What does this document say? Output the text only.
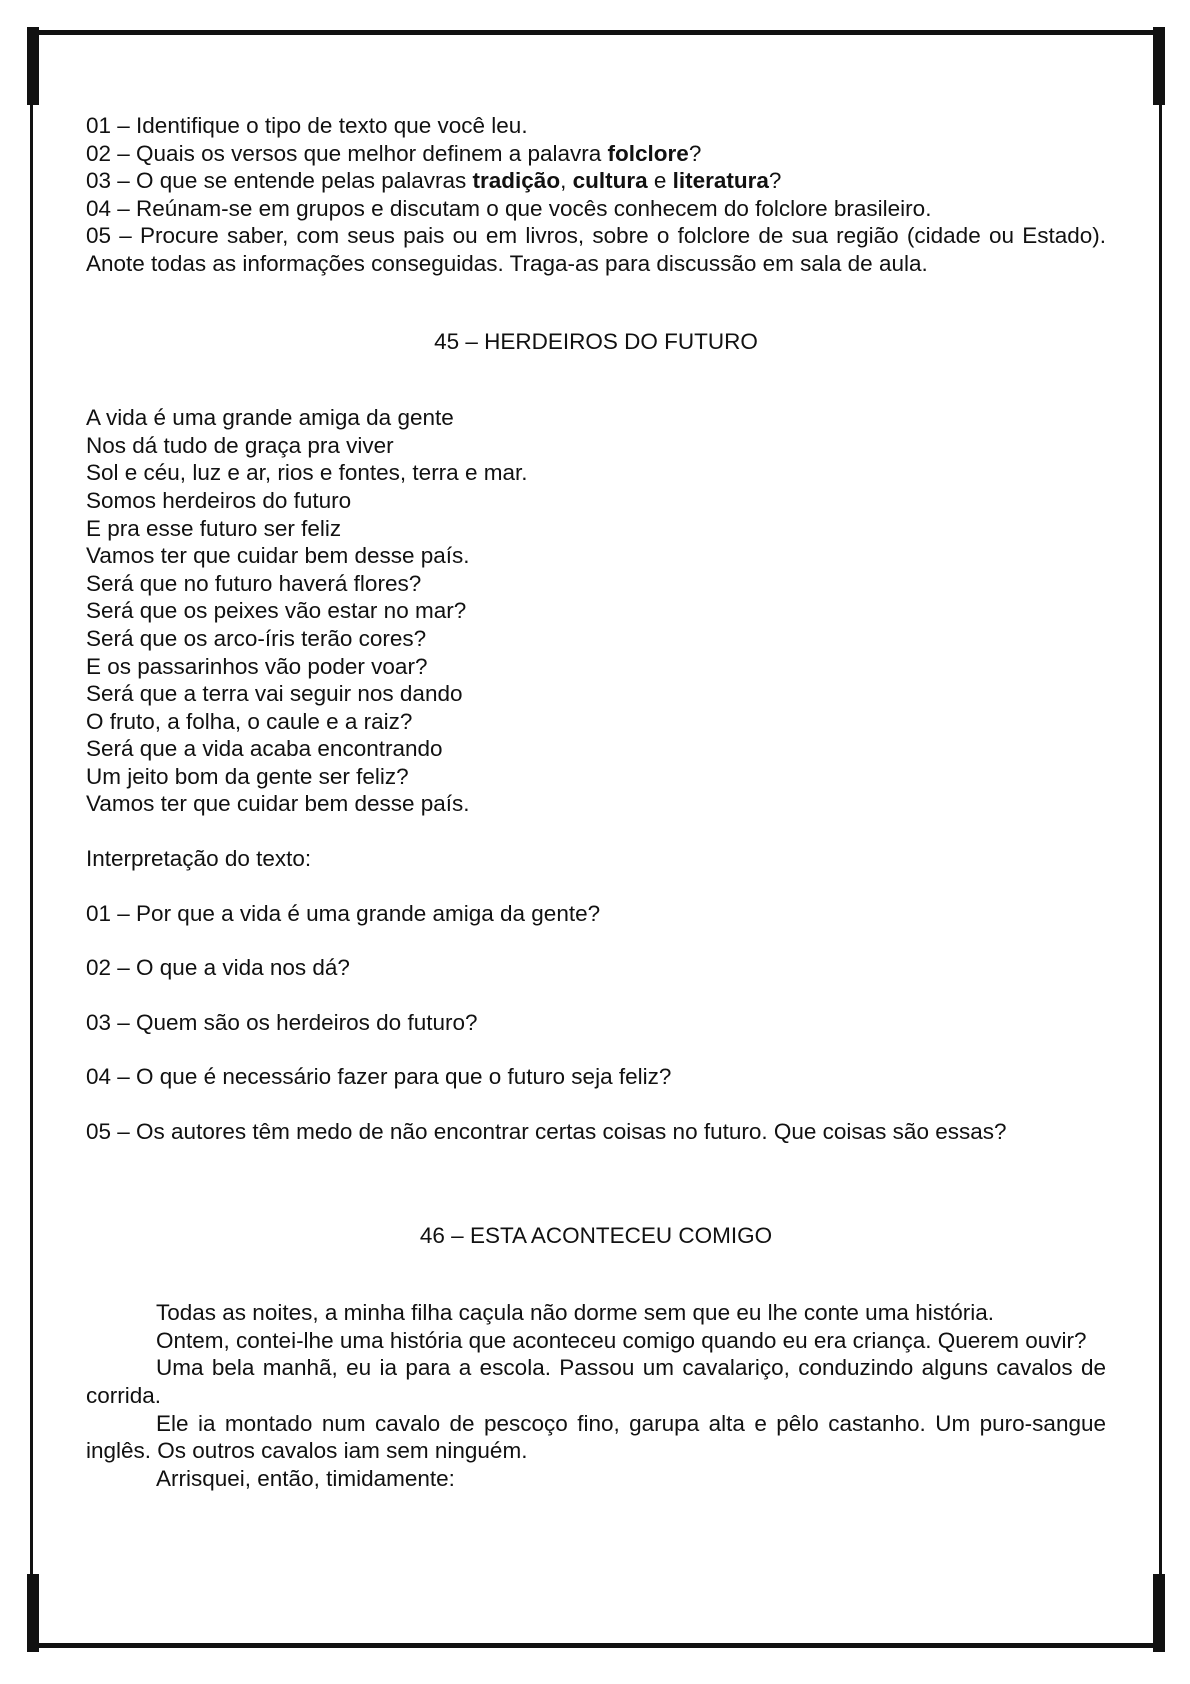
01 – Identifique o tipo de texto que você leu.

02 – Quais os versos que melhor definem a palavra folclore?

03 – O que se entende pelas palavras tradição, cultura e literatura?

04 – Reúnam-se em grupos e discutam o que vocês conhecem do folclore brasileiro.

05 – Procure saber, com seus pais ou em livros, sobre o folclore de sua região (cidade ou Estado). Anote todas as informações conseguidas. Traga-as para discussão em sala de aula.

45 – HERDEIROS DO FUTURO

A vida é uma grande amiga da gente

Nos dá tudo de graça pra viver

Sol e céu, luz e ar, rios e fontes, terra e mar.

Somos herdeiros do futuro

E pra esse futuro ser feliz

Vamos ter que cuidar bem desse país.

Será que no futuro haverá flores?

Será que os peixes vão estar no mar?

Será que os arco-íris terão cores?

E os passarinhos vão poder voar?

Será que a terra vai seguir nos dando

O fruto, a folha, o caule e a raiz?

Será que a vida acaba encontrando

Um jeito bom da gente ser feliz?

Vamos ter que cuidar bem desse país.

Interpretação do texto:

01 – Por que a vida é uma grande amiga da gente?

02 – O que a vida nos dá?

03 – Quem são os herdeiros do futuro?

04 – O que é necessário fazer para que o futuro seja feliz?

05 – Os autores têm medo de não encontrar certas coisas no futuro. Que coisas são essas?

46 – ESTA ACONTECEU COMIGO

Todas as noites, a minha filha caçula não dorme sem que eu lhe conte uma história.

Ontem, contei-lhe uma história que aconteceu comigo quando eu era criança. Querem ouvir?

Uma bela manhã, eu ia para a escola. Passou um cavalariço, conduzindo alguns cavalos de corrida.

Ele ia montado num cavalo de pescoço fino, garupa alta e pêlo castanho. Um puro-sangue inglês. Os outros cavalos iam sem ninguém.

Arrisquei, então, timidamente:
